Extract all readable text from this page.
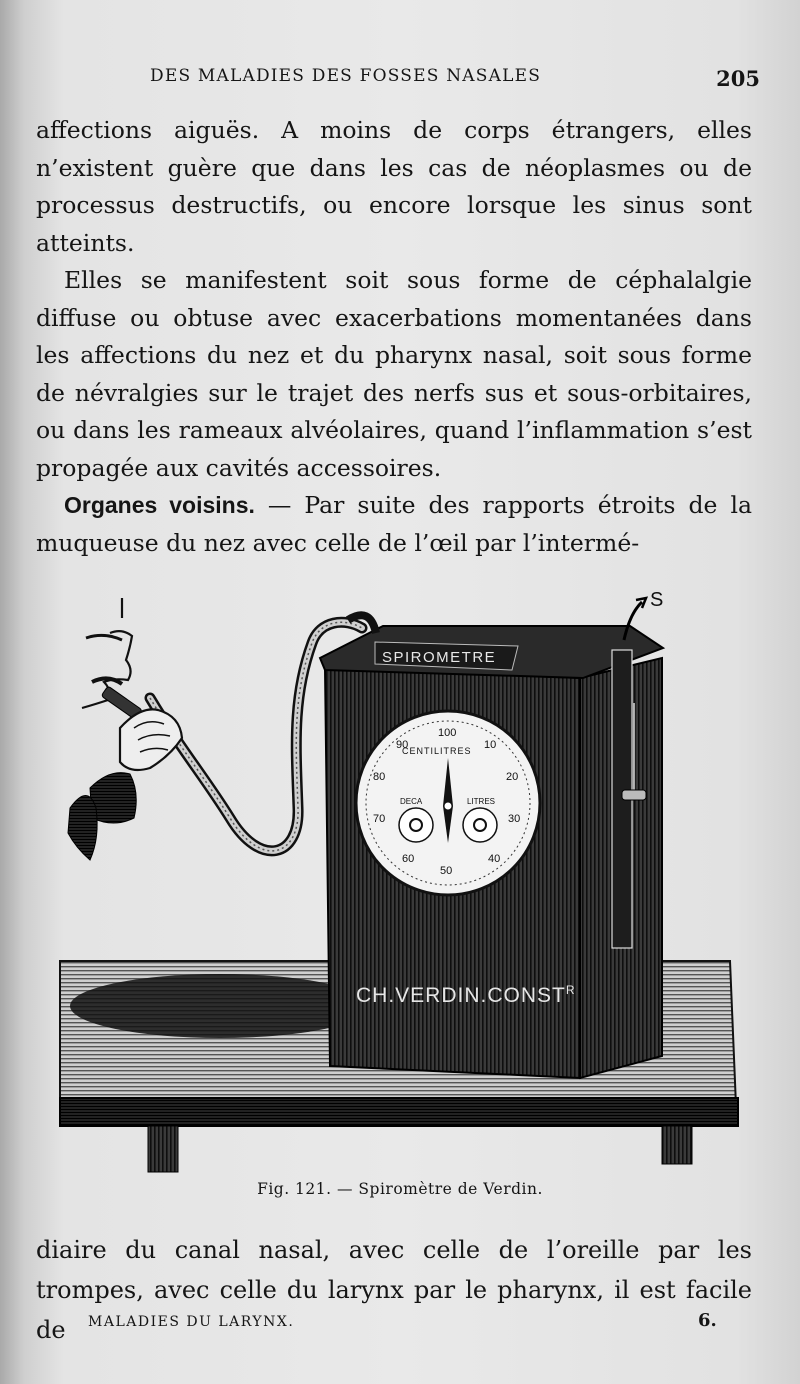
DES MALADIES DES FOSSES NASALES	205

affections aiguës. A moins de corps étrangers, elles n’existent guère que dans les cas de néoplasmes ou de processus destructifs, ou encore lorsque les sinus sont atteints.

Elles se manifestent soit sous forme de céphalalgie diffuse ou obtuse avec exacerbations momentanées dans les affections du nez et du pharynx nasal, soit sous forme de névralgies sur le trajet des nerfs sus et sous-orbitaires, ou dans les rameaux alvéolaires, quand l’inflammation s’est propagée aux cavités accessoires.

Organes voisins. — Par suite des rapports étroits de la muqueuse du nez avec celle de l’œil par l’intermé-

SPIROMETRE
S
CENTILITRES
100
10
20
30
40
50
60
70
80
90
DECA	LITRES
$CH.VERDIN.CONST^R$
Fig. 121. — Spiromètre de Verdin.

diaire du canal nasal, avec celle de l’oreille par les trompes, avec celle du larynx par le pharynx, il est facile de	MALADIES DU LARYNX.	6.
